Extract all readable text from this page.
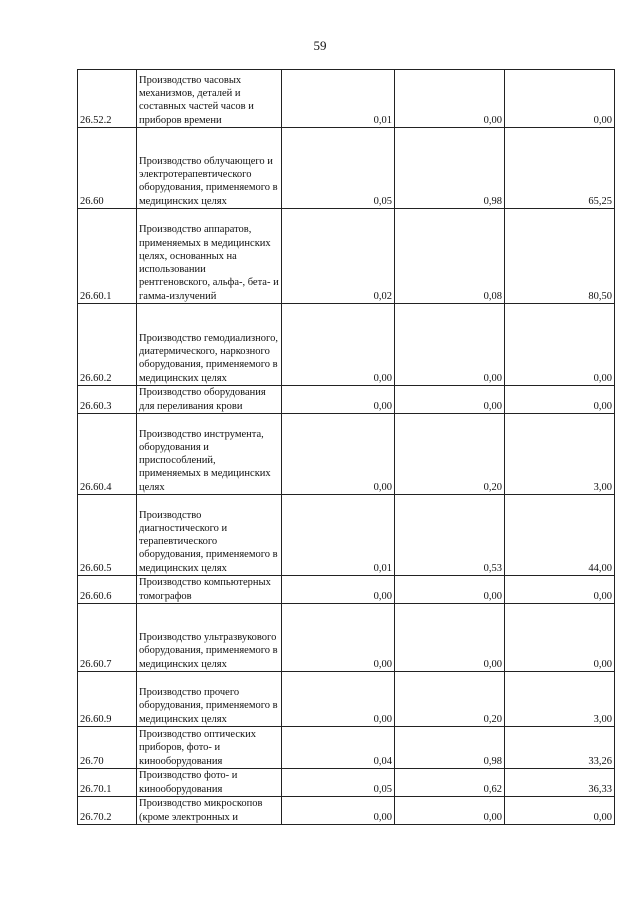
59
26.52.2	Производство часовых механизмов, деталей и составных частей часов и приборов времени	0,01	0,00	0,00
26.60	Производство облучающего и электротерапевтического оборудования, применяемого в медицинских целях	0,05	0,98	65,25
26.60.1	Производство аппаратов, применяемых в медицинских целях, основанных на использовании рентгеновского, альфа-, бета- и гамма-излучений	0,02	0,08	80,50
26.60.2	Производство гемодиализного, диатермического, наркозного оборудования, применяемого в медицинских целях	0,00	0,00	0,00
26.60.3	Производство оборудования для переливания крови	0,00	0,00	0,00
26.60.4	Производство инструмента, оборудования и приспособлений, применяемых в медицинских целях	0,00	0,20	3,00
26.60.5	Производство диагностического и терапевтического оборудования, применяемого в медицинских целях	0,01	0,53	44,00
26.60.6	Производство компьютерных томографов	0,00	0,00	0,00
26.60.7	Производство ультразвукового оборудования, применяемого в медицинских целях	0,00	0,00	0,00
26.60.9	Производство прочего оборудования, применяемого в медицинских целях	0,00	0,20	3,00
26.70	Производство оптических приборов, фото- и кинооборудования	0,04	0,98	33,26
26.70.1	Производство фото- и кинооборудования	0,05	0,62	36,33
26.70.2	Производство микроскопов (кроме электронных и	0,00	0,00	0,00
